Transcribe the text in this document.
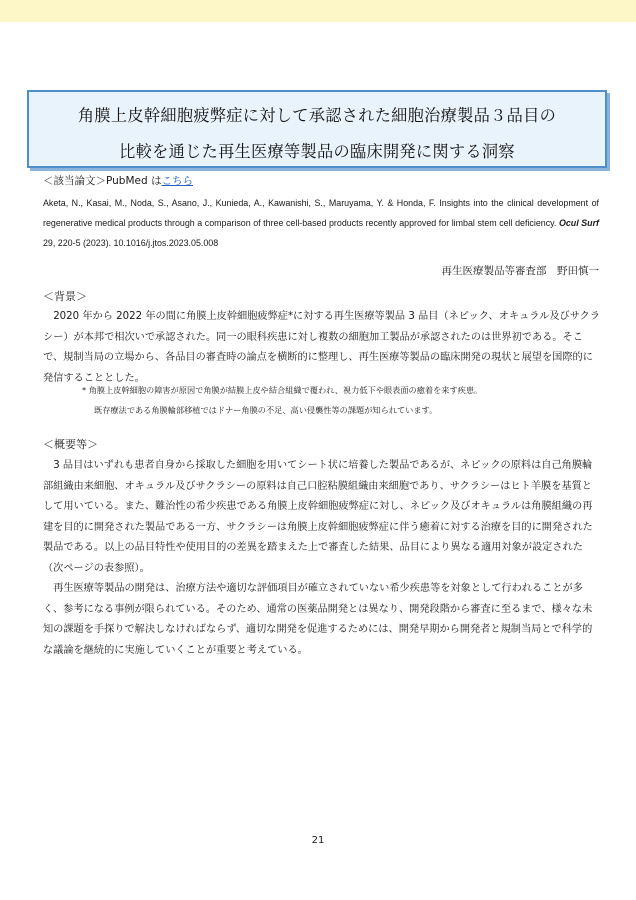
角膜上皮幹細胞疲弊症に対して承認された細胞治療製品３品目の
比較を通じた再生医療等製品の臨床開発に関する洞察
＜該当論文＞PubMed はこちら
Aketa, N., Kasai, M., Noda, S., Asano, J., Kunieda, A., Kawanishi, S., Maruyama, Y. & Honda, F. Insights into the clinical development of regenerative medical products through a comparison of three cell-based products recently approved for limbal stem cell deficiency. Ocul Surf 29, 220-5 (2023). 10.1016/j.jtos.2023.05.008
再生医療製品等審査部　野田慎一
＜背景＞

2020 年から 2022 年の間に角膜上皮幹細胞疲弊症*に対する再生医療等製品 3 品目（ネピック、オキュラル及びサクラシー）が本邦で相次いで承認された。同一の眼科疾患に対し複数の細胞加工製品が承認されたのは世界初である。そこで、規制当局の立場から、各品目の審査時の論点を横断的に整理し、再生医療等製品の臨床開発の現状と展望を国際的に発信することとした。

* 角膜上皮幹細胞の障害が原因で角膜が結膜上皮や結合組織で覆われ、視力低下や眼表面の癒着を来す疾患。
既存療法である角膜輪部移植ではドナー角膜の不足、高い侵襲性等の課題が知られています。
＜概要等＞

3 品目はいずれも患者自身から採取した細胞を用いてシート状に培養した製品であるが、ネピックの原料は自己角膜輪部組織由来細胞、オキュラル及びサクラシーの原料は自己口腔粘膜組織由来細胞であり、サクラシーはヒト羊膜を基質として用いている。また、難治性の希少疾患である角膜上皮幹細胞疲弊症に対し、ネピック及びオキュラルは角膜組織の再建を目的に開発された製品である一方、サクラシーは角膜上皮幹細胞疲弊症に伴う癒着に対する治療を目的に開発された製品である。以上の品目特性や使用目的の差異を踏まえた上で審査した結果、品目により異なる適用対象が設定された（次ページの表参照）。

再生医療等製品の開発は、治療方法や適切な評価項目が確立されていない希少疾患等を対象として行われることが多く、参考になる事例が限られている。そのため、通常の医薬品開発とは異なり、開発段階から審査に至るまで、様々な未知の課題を手探りで解決しなければならず、適切な開発を促進するためには、開発早期から開発者と規制当局とで科学的な議論を継続的に実施していくことが重要と考えている。

21
